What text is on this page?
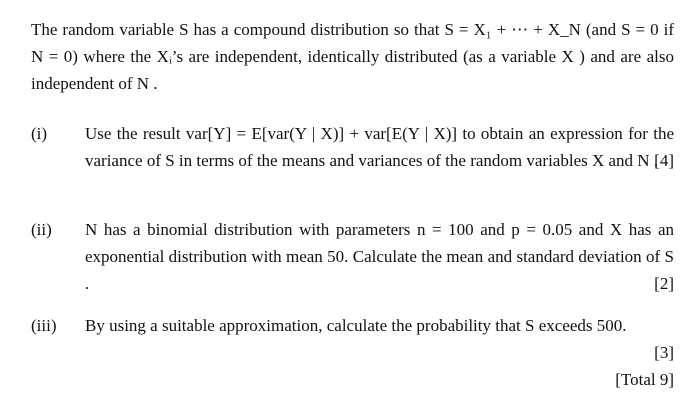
The random variable S has a compound distribution so that S = X₁ + ⋯ + X_N (and S = 0 if N = 0) where the Xᵢ’s are independent, identically distributed (as a variable X ) and are also independent of N .
(i)	Use the result var[Y] = E[var(Y | X)] + var[E(Y | X)] to obtain an expression for the variance of S in terms of the means and variances of the random variables X and N .
[4]
(ii)	N has a binomial distribution with parameters n = 100 and p = 0.05 and X has an exponential distribution with mean 50. Calculate the mean and standard deviation of S .	[2]
(iii)	By using a suitable approximation, calculate the probability that S exceeds 500.
[3]
[Total 9]
